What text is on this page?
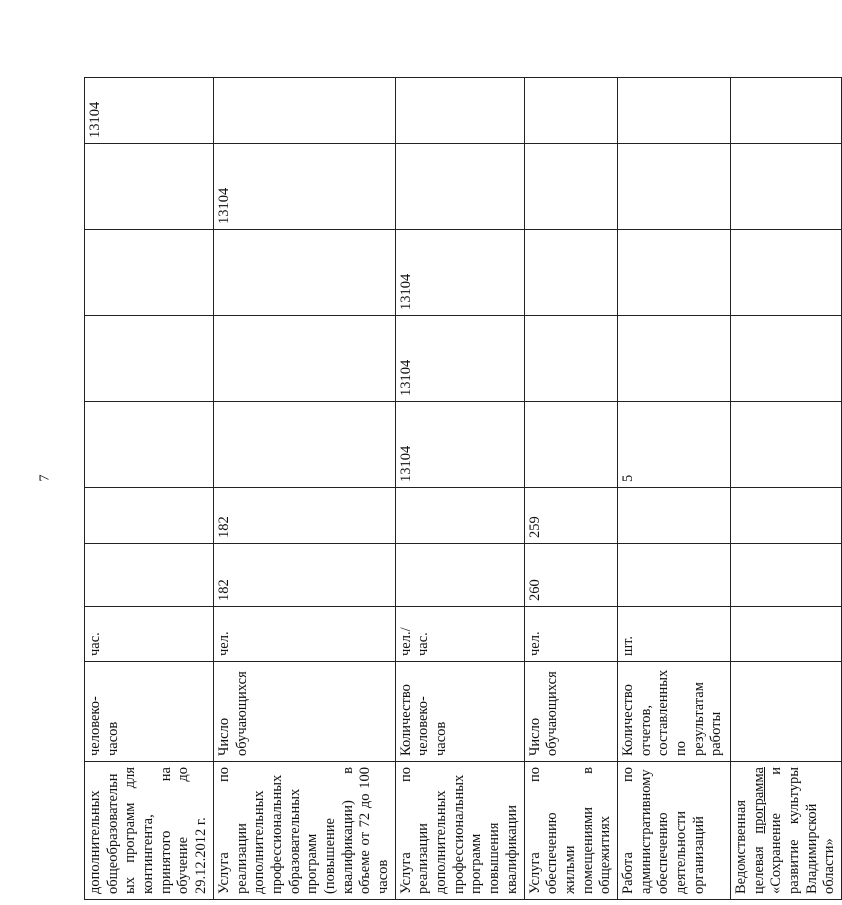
7
дополнительных общеобразовательных программ для контингента, принятого на обучение до 29.12.2012 г.	человеко-часов	час.							13104
Услуга по реализации дополнительных профессиональных образовательных программ (повышение квалификации) в объеме от 72 до 100 часов	Число обучающихся	чел.	182	182				13104	
Услуга по реализации дополнительных профессиональных программ повышения квалификации	Количество человеко-часов	чел./ час.			13104	13104	13104		
Услуга по обеспечению жильми помещениями в общежитиях	Число обучающихся	чел.	260	259					
Работа по административному обеспечению деятельности организаций	Количество отчетов, составленных по результатам работы	шт.			5				
Ведомственная целевая программа «Сохранение и развитие культуры Владимирской области»									
